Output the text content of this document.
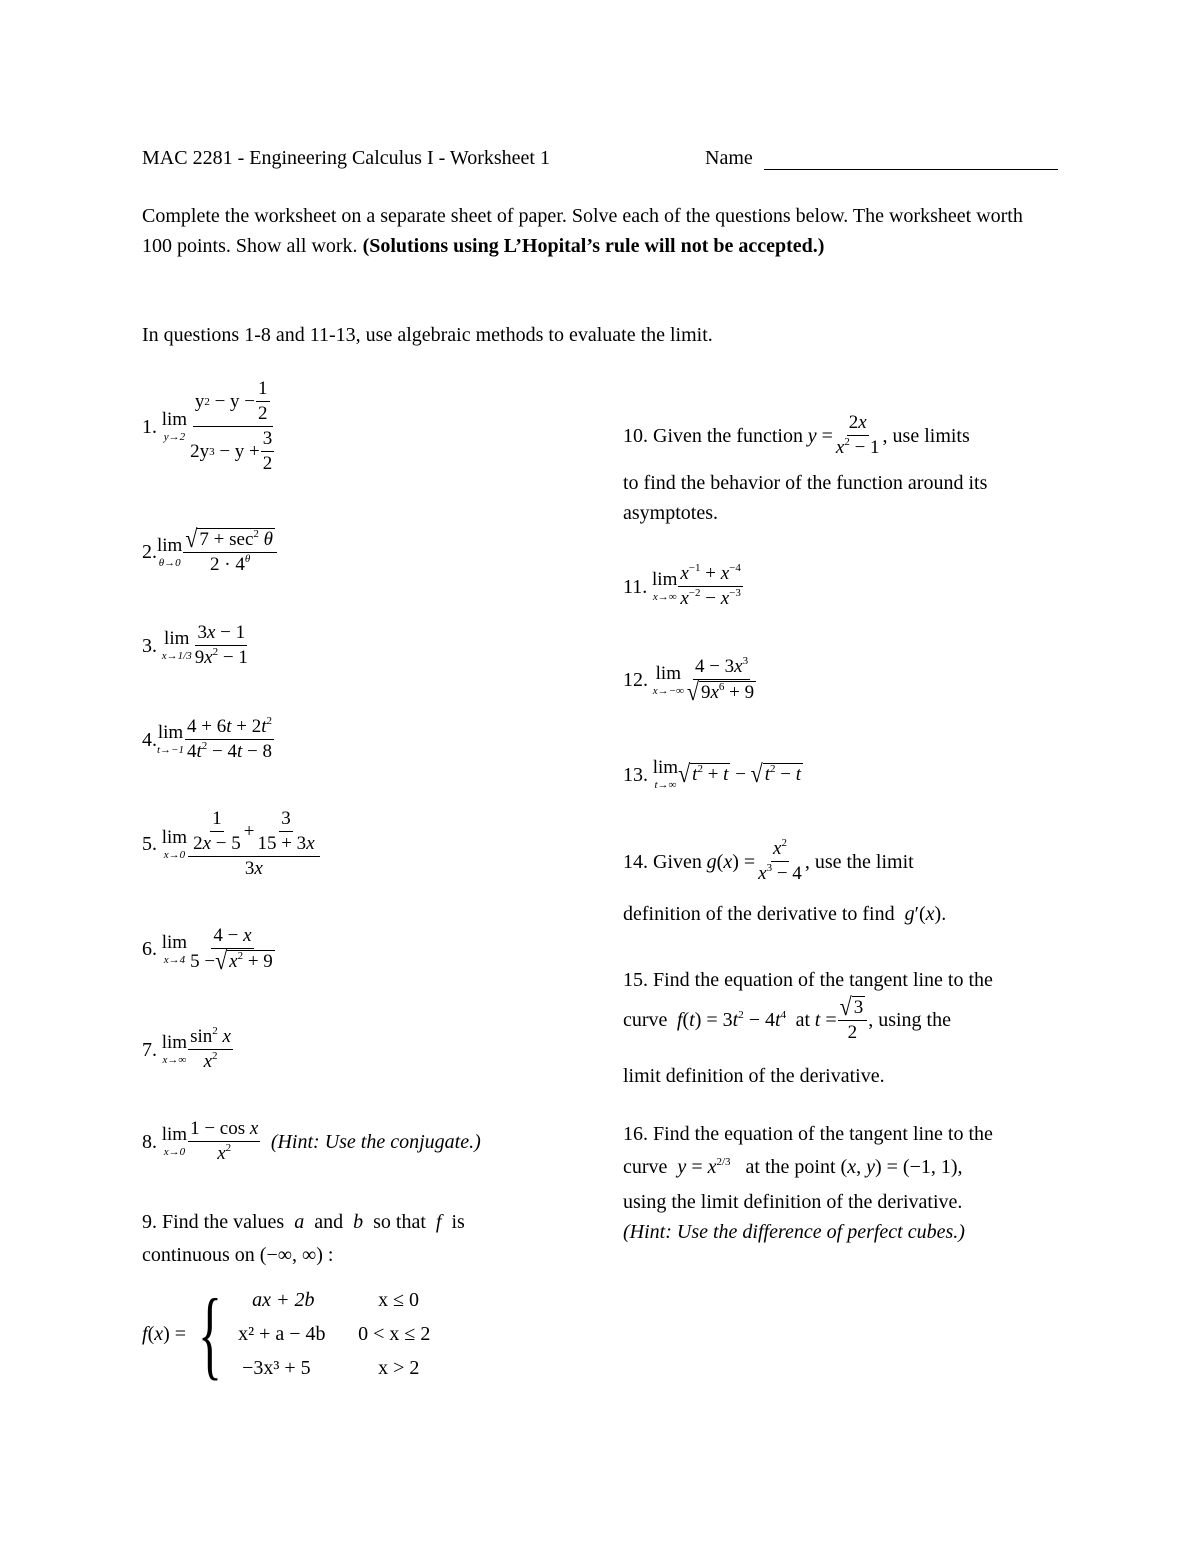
MAC 2281 - Engineering Calculus I - Worksheet 1	Name
Complete the worksheet on a separate sheet of paper. Solve each of the questions below. The worksheet worth 100 points. Show all work. (Solutions using L’Hopital’s rule will not be accepted.)
In questions 1-8 and 11-13, use algebraic methods to evaluate the limit.
1.
lim
$y\to 2 \frac{y 2 - y - \frac{1}{2}}{2y 3 - y + \frac{3}{2}}$
2. lim
$\theta\to 0 \frac{√ 7 + \sec^2 \theta}{2 \cdot 4^\theta}$
3.
lim
$x\to 1/3 \frac{3x - 1}{9x^2 - 1}$
4. lim
$t\to-1 \frac{4 + 6t + 2t^2}{4t^2 - 4t - 8}$
5.
lim
$x\to 0 \frac{\frac{1}{2x - 5} + \frac{3}{15 + 3x}}{3x}$
6.
lim
$x\to 4 \frac{4 - x}{5 - √ x^2 + 9}$
7.
lim
$x\to\infty \frac{\sin^2 x}{x^2}$
8.
lim
$x\to 0 \frac{\text{1 − cos x}}{x^2}$
(Hint: Use the conjugate.)
9. Find the values a and b so that f is
continuous on (−∞, ∞) :
f(x) = {	ax + 2b	x ≤ 0
x² + a − 4b	0 < x ≤ 2
−3x³ + 5	x > 2
10. Given the function
$y = \frac{2x}{x^2 - 1}$ , use limits
to find the behavior of the function around its asymptotes.
11.
lim
$x\to\infty \frac{x^{-1} + x^{-4}}{x^{-2} - x^{-3}}$
12.
lim
$x\to-\infty \frac{4 - 3x^3}{√ 9x^6 + 9}$
13.
lim
t→∞ √ $t^2 + t$ − √ $t^2 - t$
14. Given
$g(x) = \frac{x^2}{x^3 - 4}$ , use the limit
definition of the derivative to find g′(x).
15. Find the equation of the tangent line to the
curve
$f(t) = 3t^2 - 4t^4$
at
$t = \frac{√ 3}{2}$ , using the
limit definition of the derivative.
16. Find the equation of the tangent line to the
curve $y = x^{2/3}$ at the point (x, y) = (−1, 1),
using the limit definition of the derivative.
(Hint: Use the difference of perfect cubes.)
